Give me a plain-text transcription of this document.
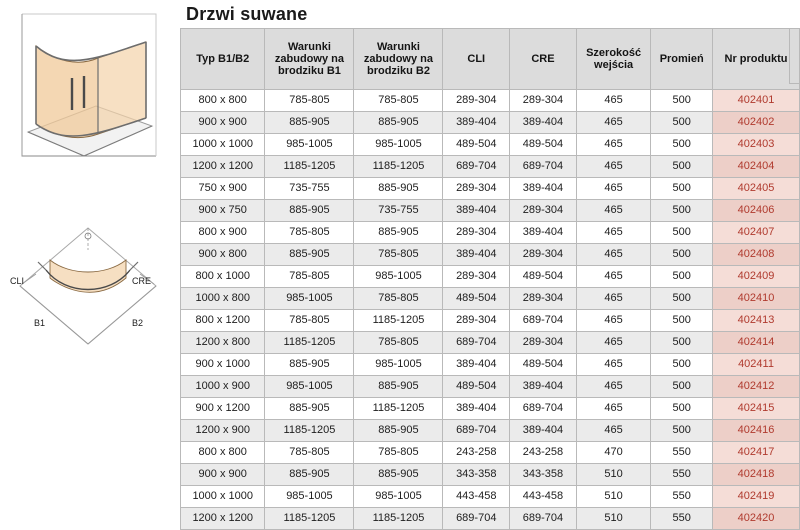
CLI	CRE
B1	B2
Drzwi suwane
Typ B1/B2	Warunki zabudowy na brodziku B1	Warunki zabudowy na brodziku B2	CLI	CRE	Szerokość wejścia	Promień	Nr produktu
800 x 800	785-805	785-805	289-304	289-304	465	500	402401
900 x 900	885-905	885-905	389-404	389-404	465	500	402402
1000 x 1000	985-1005	985-1005	489-504	489-504	465	500	402403
1200 x 1200	1185-1205	1185-1205	689-704	689-704	465	500	402404
750 x 900	735-755	885-905	289-304	389-404	465	500	402405
900 x 750	885-905	735-755	389-404	289-304	465	500	402406
800 x 900	785-805	885-905	289-304	389-404	465	500	402407
900 x 800	885-905	785-805	389-404	289-304	465	500	402408
800 x 1000	785-805	985-1005	289-304	489-504	465	500	402409
1000 x 800	985-1005	785-805	489-504	289-304	465	500	402410
800 x 1200	785-805	1185-1205	289-304	689-704	465	500	402413
1200 x 800	1185-1205	785-805	689-704	289-304	465	500	402414
900 x 1000	885-905	985-1005	389-404	489-504	465	500	402411
1000 x 900	985-1005	885-905	489-504	389-404	465	500	402412
900 x 1200	885-905	1185-1205	389-404	689-704	465	500	402415
1200 x 900	1185-1205	885-905	689-704	389-404	465	500	402416
800 x 800	785-805	785-805	243-258	243-258	470	550	402417
900 x 900	885-905	885-905	343-358	343-358	510	550	402418
1000 x 1000	985-1005	985-1005	443-458	443-458	510	550	402419
1200 x 1200	1185-1205	1185-1205	689-704	689-704	510	550	402420
